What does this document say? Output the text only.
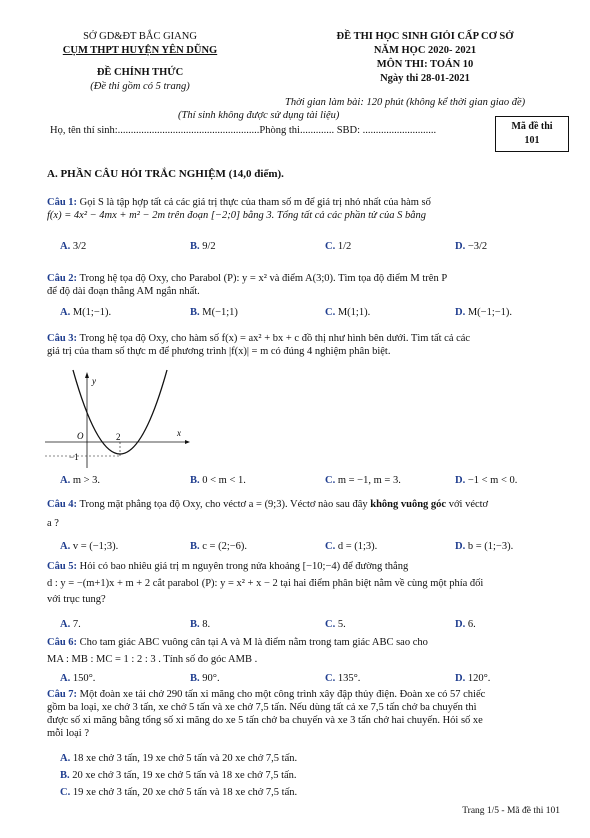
SỞ GD&ĐT BẮC GIANG
CỤM THPT HUYỆN YÊN DŨNG
ĐỀ CHÍNH THỨC
(Đề thi gồm có 5 trang)
ĐỀ THI HỌC SINH GIỎI CẤP CƠ SỞ
NĂM HỌC 2020- 2021
MÔN THI: TOÁN 10
Ngày thi 28-01-2021
Thời gian làm bài: 120 phút (không kể thời gian giao đề)
(Thí sinh không được sử dụng tài liệu)
Họ, tên thí sinh:......................................................Phòng thi............. SBD: ............................	Mã đề thi
101
A. PHẦN CÂU HỎI TRẮC NGHIỆM (14,0 điểm).
Câu 1: Gọi S là tập hợp tất cả các giá trị thực của tham số m để giá trị nhỏ nhất của hàm số
f(x) = 4x² − 4mx + m² − 2m trên đoạn [−2;0] bằng 3. Tổng tất cả các phần tử của S bằng
A. 3/2	B. 9/2	C. 1/2	D. −3/2
Câu 2: Trong hệ tọa độ Oxy, cho Parabol (P): y = x² và điểm A(3;0). Tìm tọa độ điểm M trên P
để độ dài đoạn thẳng AM ngắn nhất.
A. M(1;−1).	B. M(−1;1)	C. M(1;1).	D. M(−1;−1).
Câu 3: Trong hệ tọa độ Oxy, cho hàm số f(x) = ax² + bx + c đồ thị như hình bên dưới. Tìm tất cả các
giá trị của tham số thực m để phương trình |f(x)| = m có đúng 4 nghiệm phân biệt.
y
x
O	2
−1
A. m > 3.	B. 0 < m < 1.	C. m = −1, m = 3.	D. −1 < m < 0.
Câu 4: Trong mặt phẳng tọa độ Oxy, cho véctơ a = (9;3). Véctơ nào sau đây không vuông góc với véctơ
a ?
A. v = (−1;3).	B. c = (2;−6).	C. d = (1;3).	D. b = (1;−3).
Câu 5: Hỏi có bao nhiêu giá trị m nguyên trong nửa khoảng [−10;−4) để đường thẳng
d : y = −(m+1)x + m + 2 cắt parabol (P): y = x² + x − 2 tại hai điểm phân biệt nằm về cùng một phía đối
với trục tung?
A. 7.	B. 8.	C. 5.	D. 6.
Câu 6: Cho tam giác ABC vuông cân tại A và M là điểm nằm trong tam giác ABC sao cho
MA : MB : MC = 1 : 2 : 3 . Tính số đo góc AMB .
A. 150°.	B. 90°.	C. 135°.	D. 120°.
Câu 7: Một đoàn xe tải chở 290 tấn xi măng cho một công trình xây đập thủy điện. Đoàn xe có 57 chiếc
gồm ba loại, xe chở 3 tấn, xe chở 5 tấn và xe chở 7,5 tấn. Nếu dùng tất cả xe 7,5 tấn chở ba chuyến thì
được số xi măng bằng tổng số xi măng do xe 5 tấn chở ba chuyến và xe 3 tấn chở hai chuyến. Hỏi số xe
mỗi loại ?
A. 18 xe chở 3 tấn, 19 xe chở 5 tấn và 20 xe chở 7,5 tấn.
B. 20 xe chở 3 tấn, 19 xe chở 5 tấn và 18 xe chở 7,5 tấn.
C. 19 xe chở 3 tấn, 20 xe chở 5 tấn và 18 xe chở 7,5 tấn.
Trang 1/5 - Mã đề thi 101
